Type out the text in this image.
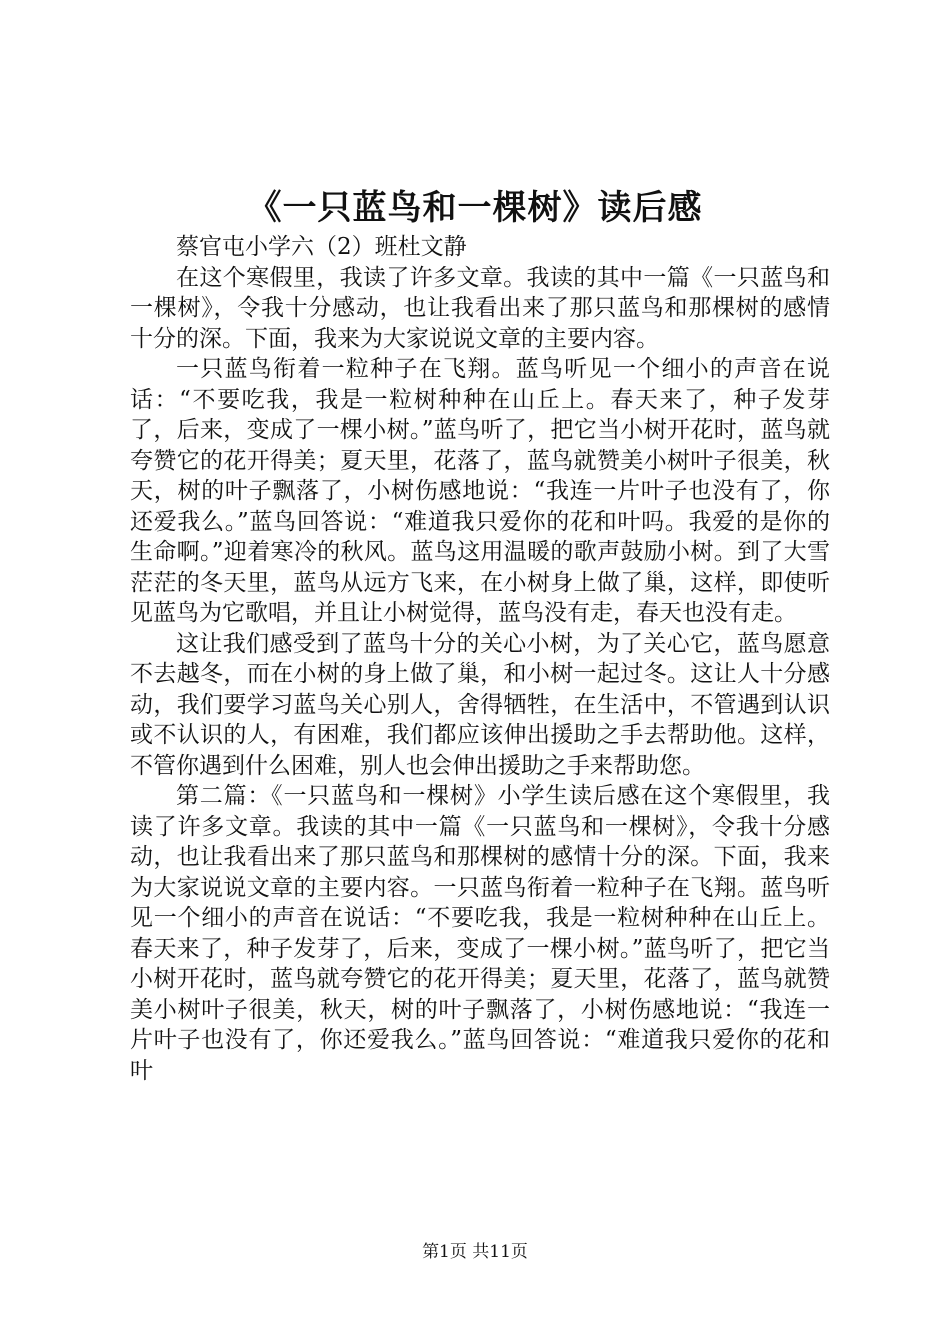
《一只蓝鸟和一棵树》读后感

蔡官屯小学六（2）班杜文静

在这个寒假里，我读了许多文章。我读的其中一篇《一只蓝鸟和一棵树》，令我十分感动，也让我看出来了那只蓝鸟和那棵树的感情十分的深。下面，我来为大家说说文章的主要内容。

一只蓝鸟衔着一粒种子在飞翔。蓝鸟听见一个细小的声音在说话：“不要吃我，我是一粒树种种在山丘上。春天来了，种子发芽了，后来，变成了一棵小树。”蓝鸟听了，把它当小树开花时，蓝鸟就夸赞它的花开得美；夏天里，花落了，蓝鸟就赞美小树叶子很美，秋天，树的叶子飘落了，小树伤感地说：“我连一片叶子也没有了，你还爱我么。”蓝鸟回答说：“难道我只爱你的花和叶吗。我爱的是你的生命啊。”迎着寒冷的秋风。蓝鸟这用温暖的歌声鼓励小树。到了大雪茫茫的冬天里，蓝鸟从远方飞来，在小树身上做了巢，这样，即使听见蓝鸟为它歌唱，并且让小树觉得，蓝鸟没有走，春天也没有走。

这让我们感受到了蓝鸟十分的关心小树，为了关心它，蓝鸟愿意不去越冬，而在小树的身上做了巢，和小树一起过冬。这让人十分感动，我们要学习蓝鸟关心别人，舍得牺牲，在生活中，不管遇到认识或不认识的人，有困难，我们都应该伸出援助之手去帮助他。这样，不管你遇到什么困难，别人也会伸出援助之手来帮助您。

第二篇：《一只蓝鸟和一棵树》小学生读后感在这个寒假里，我读了许多文章。我读的其中一篇《一只蓝鸟和一棵树》，令我十分感动，也让我看出来了那只蓝鸟和那棵树的感情十分的深。下面，我来为大家说说文章的主要内容。一只蓝鸟衔着一粒种子在飞翔。蓝鸟听见一个细小的声音在说话：“不要吃我，我是一粒树种种在山丘上。春天来了，种子发芽了，后来，变成了一棵小树。”蓝鸟听了，把它当小树开花时，蓝鸟就夸赞它的花开得美；夏天里，花落了，蓝鸟就赞美小树叶子很美，秋天，树的叶子飘落了，小树伤感地说：“我连一片叶子也没有了，你还爱我么。”蓝鸟回答说：“难道我只爱你的花和叶

第1页 共11页
